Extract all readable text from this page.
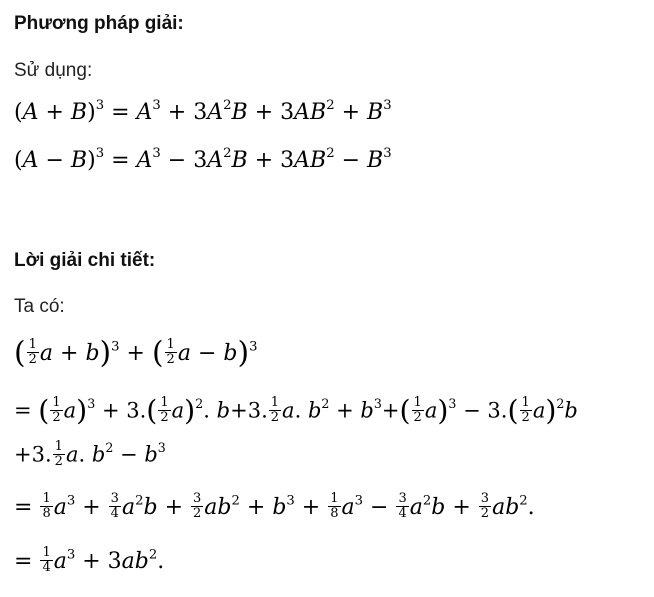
Phương pháp giải:
Sử dụng:
$(A + B)^3 = A^3 + 3A^2B + 3AB^2 + B^3$
$(A - B)^3 = A^3 - 3A^2B + 3AB^2 - B^3$
Lời giải chi tiết:
Ta có:
( $\frac{1}{2}$ a + b)$^3$ + ( $\frac{1}{2}$ a − b)$^3$
= ( $\frac{1}{2} a)^3 + 3.( \frac{1}{2} a)^2$. b+3. $\frac{1}{2} a$. $b^2 + b^3+( \frac{1}{2} a)^3 - 3.( \frac{1}{2} a)^2b$
+3. $\frac{1}{2} a$. $b^2 - b^3$
= $\frac{1}{8} a^3 + \frac{3}{4} a^2b + \frac{3}{2} ab^2 + b^3 + \frac{1}{8} a^3 - \frac{3}{4} a^2b + \frac{3}{2} ab^2$.
= $\frac{1}{4} a^3 + 3ab^2$.
